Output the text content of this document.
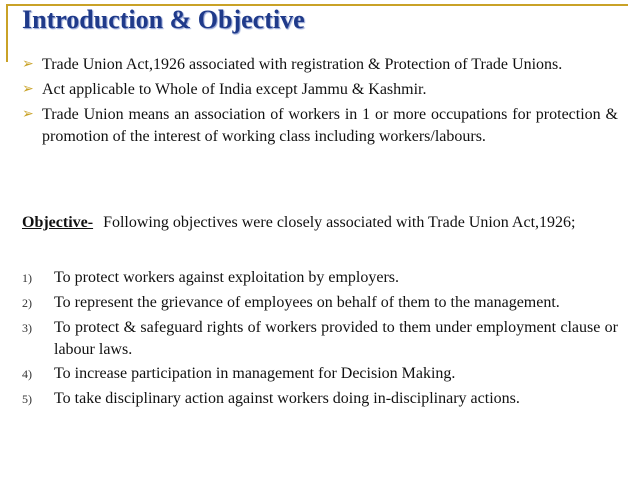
Introduction & Objective
➢ Trade Union Act,1926 associated with registration & Protection of Trade Unions.
➢ Act applicable to Whole of India except Jammu & Kashmir.
➢ Trade Union means an association of workers in 1 or more occupations for protection & promotion of the interest of working class including workers/labours.
Objective- Following objectives were closely associated with Trade Union Act,1926;
1)	To protect workers against exploitation by employers.
2)	To represent the grievance of employees on behalf of them to the management.
3)	To protect & safeguard rights of workers provided to them under employment clause or labour laws.
4)	To increase participation in management for Decision Making.
5)	To take disciplinary action against workers doing in-disciplinary actions.
